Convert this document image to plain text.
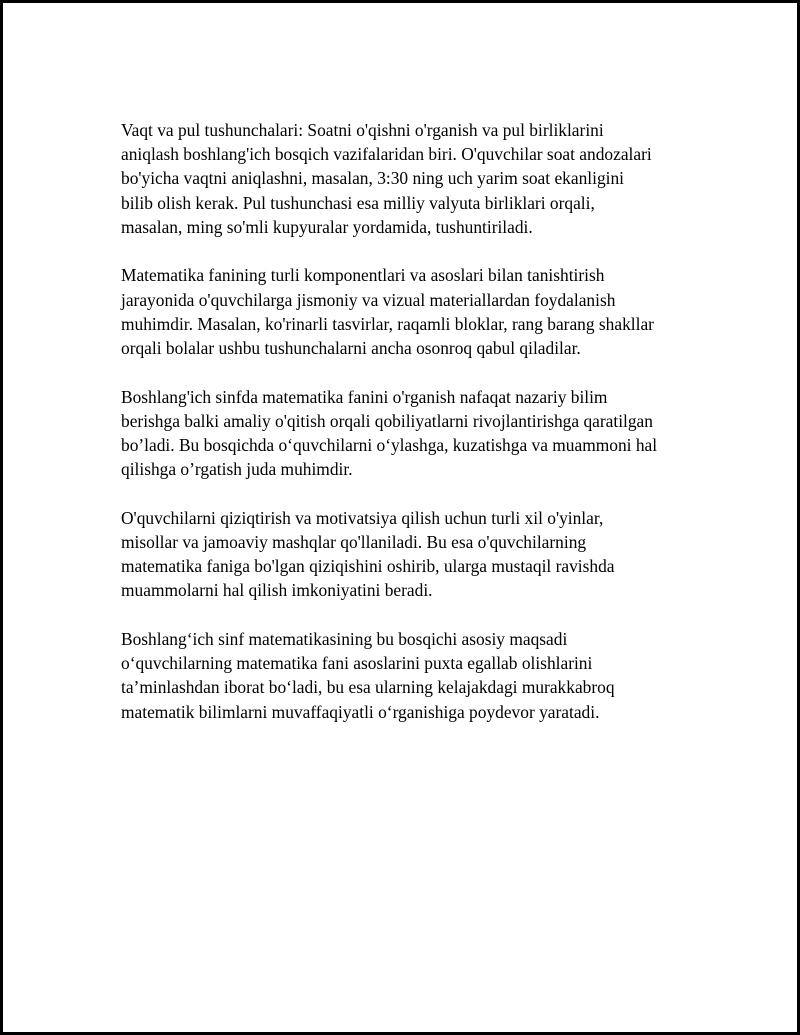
Vaqt va pul tushunchalari: Soatni o'qishni o'rganish va pul birliklarini
aniqlash boshlang'ich bosqich vazifalaridan biri. O'quvchilar soat andozalari
bo'yicha vaqtni aniqlashni, masalan, 3:30 ning uch yarim soat ekanligini
bilib olish kerak. Pul tushunchasi esa milliy valyuta birliklari orqali,
masalan, ming so'mli kupyuralar yordamida, tushuntiriladi.

Matematika fanining turli komponentlari va asoslari bilan tanishtirish
jarayonida o'quvchilarga jismoniy va vizual materiallardan foydalanish
muhimdir. Masalan, ko'rinarli tasvirlar, raqamli bloklar, rang barang shakllar
orqali bolalar ushbu tushunchalarni ancha osonroq qabul qiladilar.

Boshlang'ich sinfda matematika fanini o'rganish nafaqat nazariy bilim
berishga balki amaliy o'qitish orqali qobiliyatlarni rivojlantirishga qaratilgan
bo’ladi. Bu bosqichda o‘quvchilarni o‘ylashga, kuzatishga va muammoni hal
qilishga o’rgatish juda muhimdir.

O'quvchilarni qiziqtirish va motivatsiya qilish uchun turli xil o'yinlar,
misollar va jamoaviy mashqlar qo'llaniladi. Bu esa o'quvchilarning
matematika faniga bo'lgan qiziqishini oshirib, ularga mustaqil ravishda
muammolarni hal qilish imkoniyatini beradi.

Boshlang‘ich sinf matematikasining bu bosqichi asosiy maqsadi
o‘quvchilarning matematika fani asoslarini puxta egallab olishlarini
ta’minlashdan iborat bo‘ladi, bu esa ularning kelajakdagi murakkabroq
matematik bilimlarni muvaffaqiyatli o‘rganishiga poydevor yaratadi.
